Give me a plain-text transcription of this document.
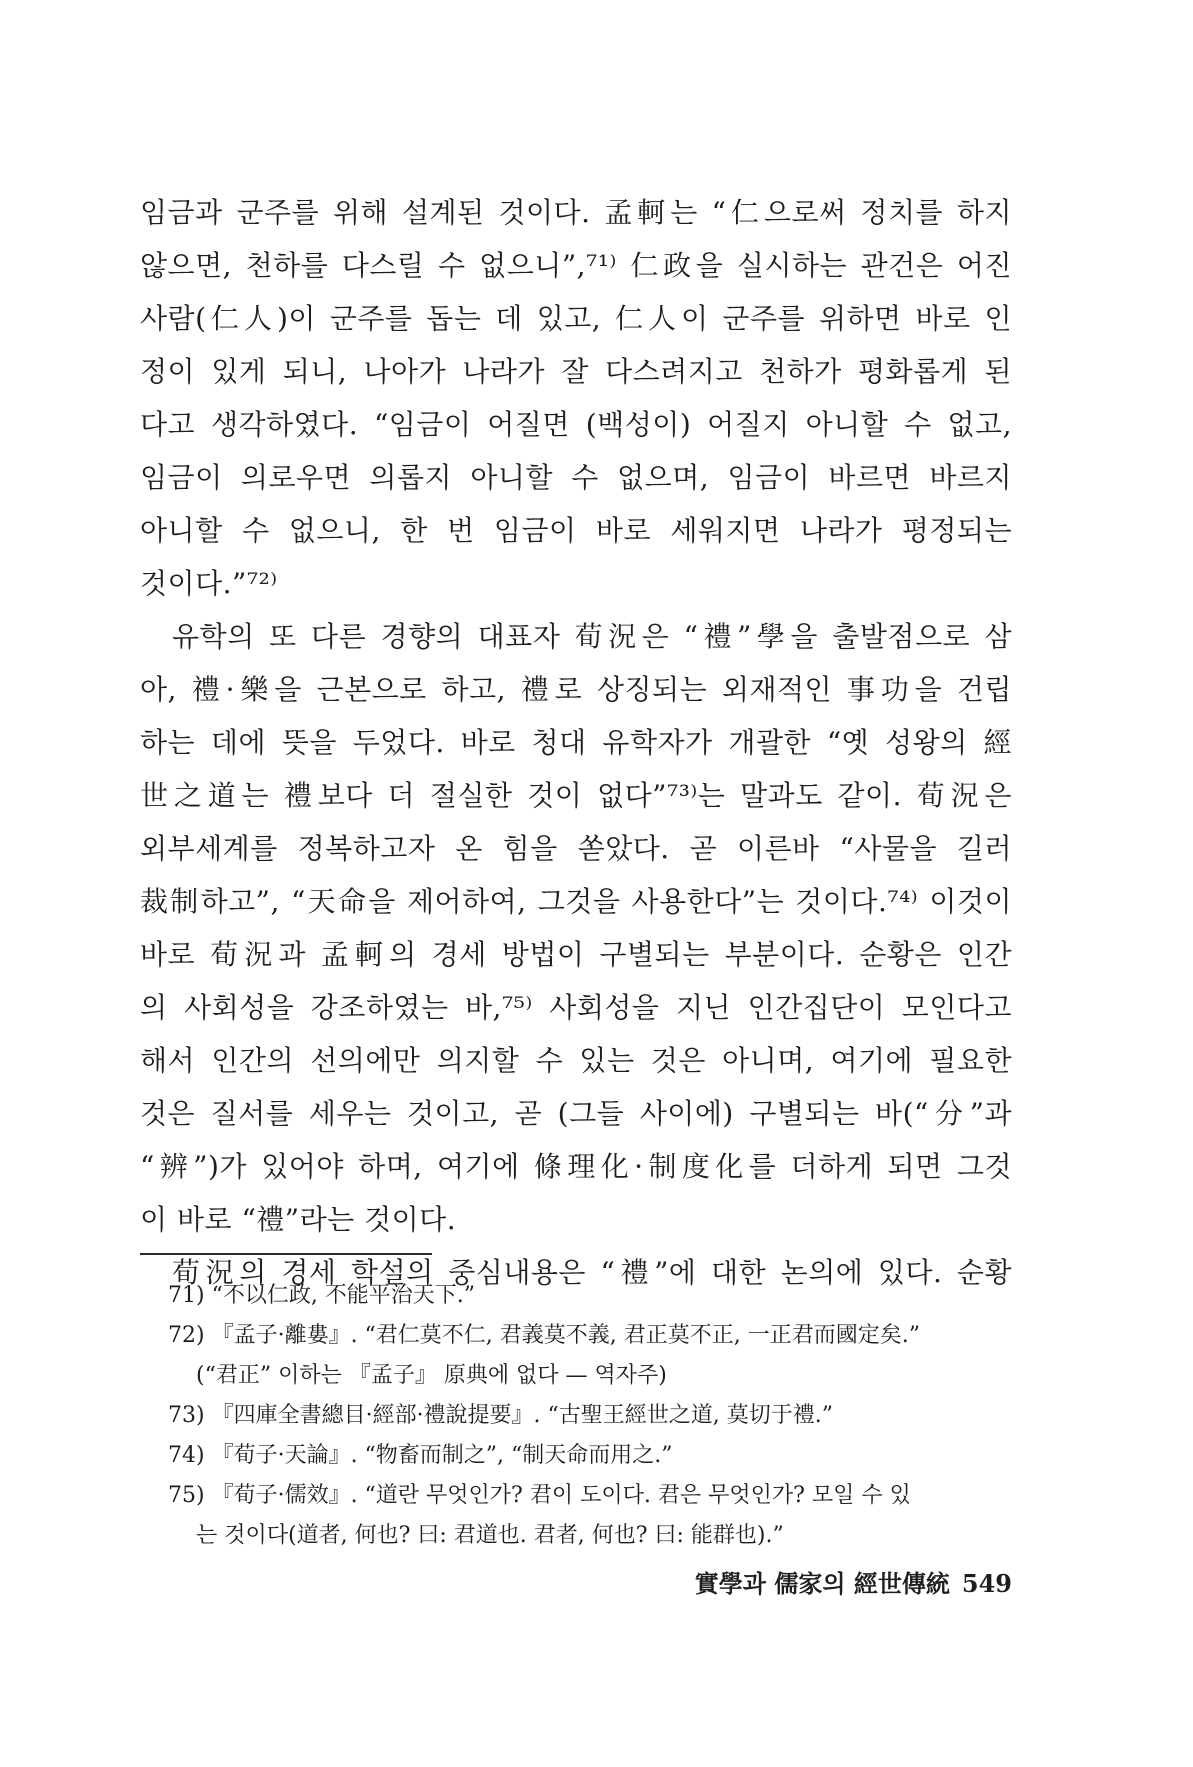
임금과 군주를 위해 설계된 것이다. 孟軻는 “仁으로써 정치를 하지
않으면, 천하를 다스릴 수 없으니”,⁷¹⁾ 仁政을 실시하는 관건은 어진
사람(仁人)이 군주를 돕는 데 있고, 仁人이 군주를 위하면 바로 인
정이 있게 되니, 나아가 나라가 잘 다스려지고 천하가 평화롭게 된
다고 생각하였다. “임금이 어질면 (백성이) 어질지 아니할 수 없고,
임금이 의로우면 의롭지 아니할 수 없으며, 임금이 바르면 바르지
아니할 수 없으니, 한 번 임금이 바로 세워지면 나라가 평정되는
것이다.”⁷²⁾
유학의 또 다른 경향의 대표자 荀況은 “禮”學을 출발점으로 삼
아, 禮·樂을 근본으로 하고, 禮로 상징되는 외재적인 事功을 건립
하는 데에 뜻을 두었다. 바로 청대 유학자가 개괄한 “옛 성왕의 經
世之道는 禮보다 더 절실한 것이 없다”⁷³⁾는 말과도 같이. 荀況은
외부세계를 정복하고자 온 힘을 쏟았다. 곧 이른바 “사물을 길러
裁制하고”, “天命을 제어하여, 그것을 사용한다”는 것이다.⁷⁴⁾ 이것이
바로 荀況과 孟軻의 경세 방법이 구별되는 부분이다. 순황은 인간
의 사회성을 강조하였는 바,⁷⁵⁾ 사회성을 지닌 인간집단이 모인다고
해서 인간의 선의에만 의지할 수 있는 것은 아니며, 여기에 필요한
것은 질서를 세우는 것이고, 곧 (그들 사이에) 구별되는 바(“分”과
“辨”)가 있어야 하며, 여기에 條理化·制度化를 더하게 되면 그것
이 바로 “禮”라는 것이다.
荀況의 경세 학설의 중심내용은 “禮”에 대한 논의에 있다. 순황
71) “不以仁政, 不能平治天下.”
72) 『孟子·離婁』. “君仁莫不仁, 君義莫不義, 君正莫不正, 一正君而國定矣.”
(“君正” 이하는 『孟子』 原典에 없다 — 역자주)
73) 『四庫全書總目·經部·禮說提要』. “古聖王經世之道, 莫切于禮.”
74) 『荀子·天論』. “物畜而制之”, “制天命而用之.”
75) 『荀子·儒效』. “道란 무엇인가? 君이 도이다. 君은 무엇인가? 모일 수 있
는 것이다(道者, 何也? 曰: 君道也. 君者, 何也? 曰: 能群也).”
實學과 儒家의 經世傳統 549
